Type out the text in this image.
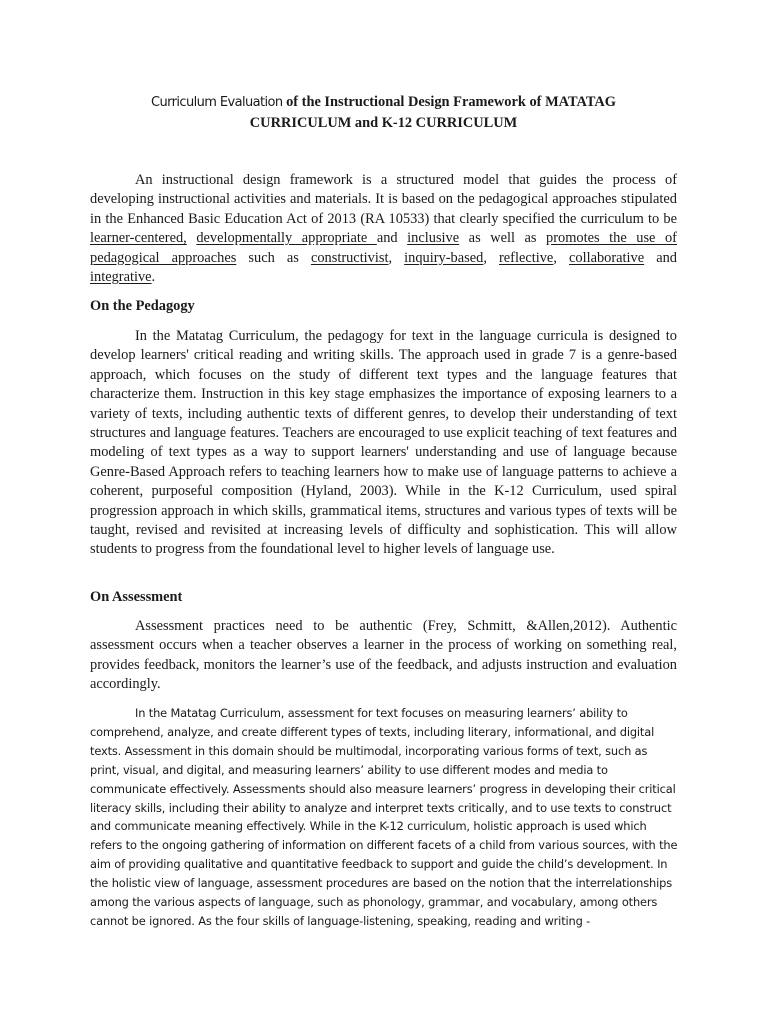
Curriculum Evaluation of the Instructional Design Framework of MATATAG
CURRICULUM and K-12 CURRICULUM

An instructional design framework is a structured model that guides the process of developing instructional activities and materials. It is based on the pedagogical approaches stipulated in the Enhanced Basic Education Act of 2013 (RA 10533) that clearly specified the curriculum to be learner-centered, developmentally appropriate and inclusive as well as promotes the use of pedagogical approaches such as constructivist, inquiry-based, reflective, collaborative and integrative.

On the Pedagogy

In the Matatag Curriculum, the pedagogy for text in the language curricula is designed to develop learners' critical reading and writing skills. The approach used in grade 7 is a genre-based approach, which focuses on the study of different text types and the language features that characterize them. Instruction in this key stage emphasizes the importance of exposing learners to a variety of texts, including authentic texts of different genres, to develop their understanding of text structures and language features. Teachers are encouraged to use explicit teaching of text features and modeling of text types as a way to support learners' understanding and use of language because Genre-Based Approach refers to teaching learners how to make use of language patterns to achieve a coherent, purposeful composition (Hyland, 2003). While in the K-12 Curriculum, used spiral progression approach in which skills, grammatical items, structures and various types of texts will be taught, revised and revisited at increasing levels of difficulty and sophistication. This will allow students to progress from the foundational level to higher levels of language use.

On Assessment

Assessment practices need to be authentic (Frey, Schmitt, &Allen,2012). Authentic assessment occurs when a teacher observes a learner in the process of working on something real, provides feedback, monitors the learner’s use of the feedback, and adjusts instruction and evaluation accordingly.

In the Matatag Curriculum, assessment for text focuses on measuring learners’ ability to comprehend, analyze, and create different types of texts, including literary, informational, and digital texts. Assessment in this domain should be multimodal, incorporating various forms of text, such as print, visual, and digital, and measuring learners’ ability to use different modes and media to communicate effectively. Assessments should also measure learners’ progress in developing their critical literacy skills, including their ability to analyze and interpret texts critically, and to use texts to construct and communicate meaning effectively. While in the K-12 curriculum, holistic approach is used which refers to the ongoing gathering of information on different facets of a child from various sources, with the aim of providing qualitative and quantitative feedback to support and guide the child’s development. In the holistic view of language, assessment procedures are based on the notion that the interrelationships among the various aspects of language, such as phonology, grammar, and vocabulary, among others cannot be ignored. As the four skills of language-listening, speaking, reading and writing -
